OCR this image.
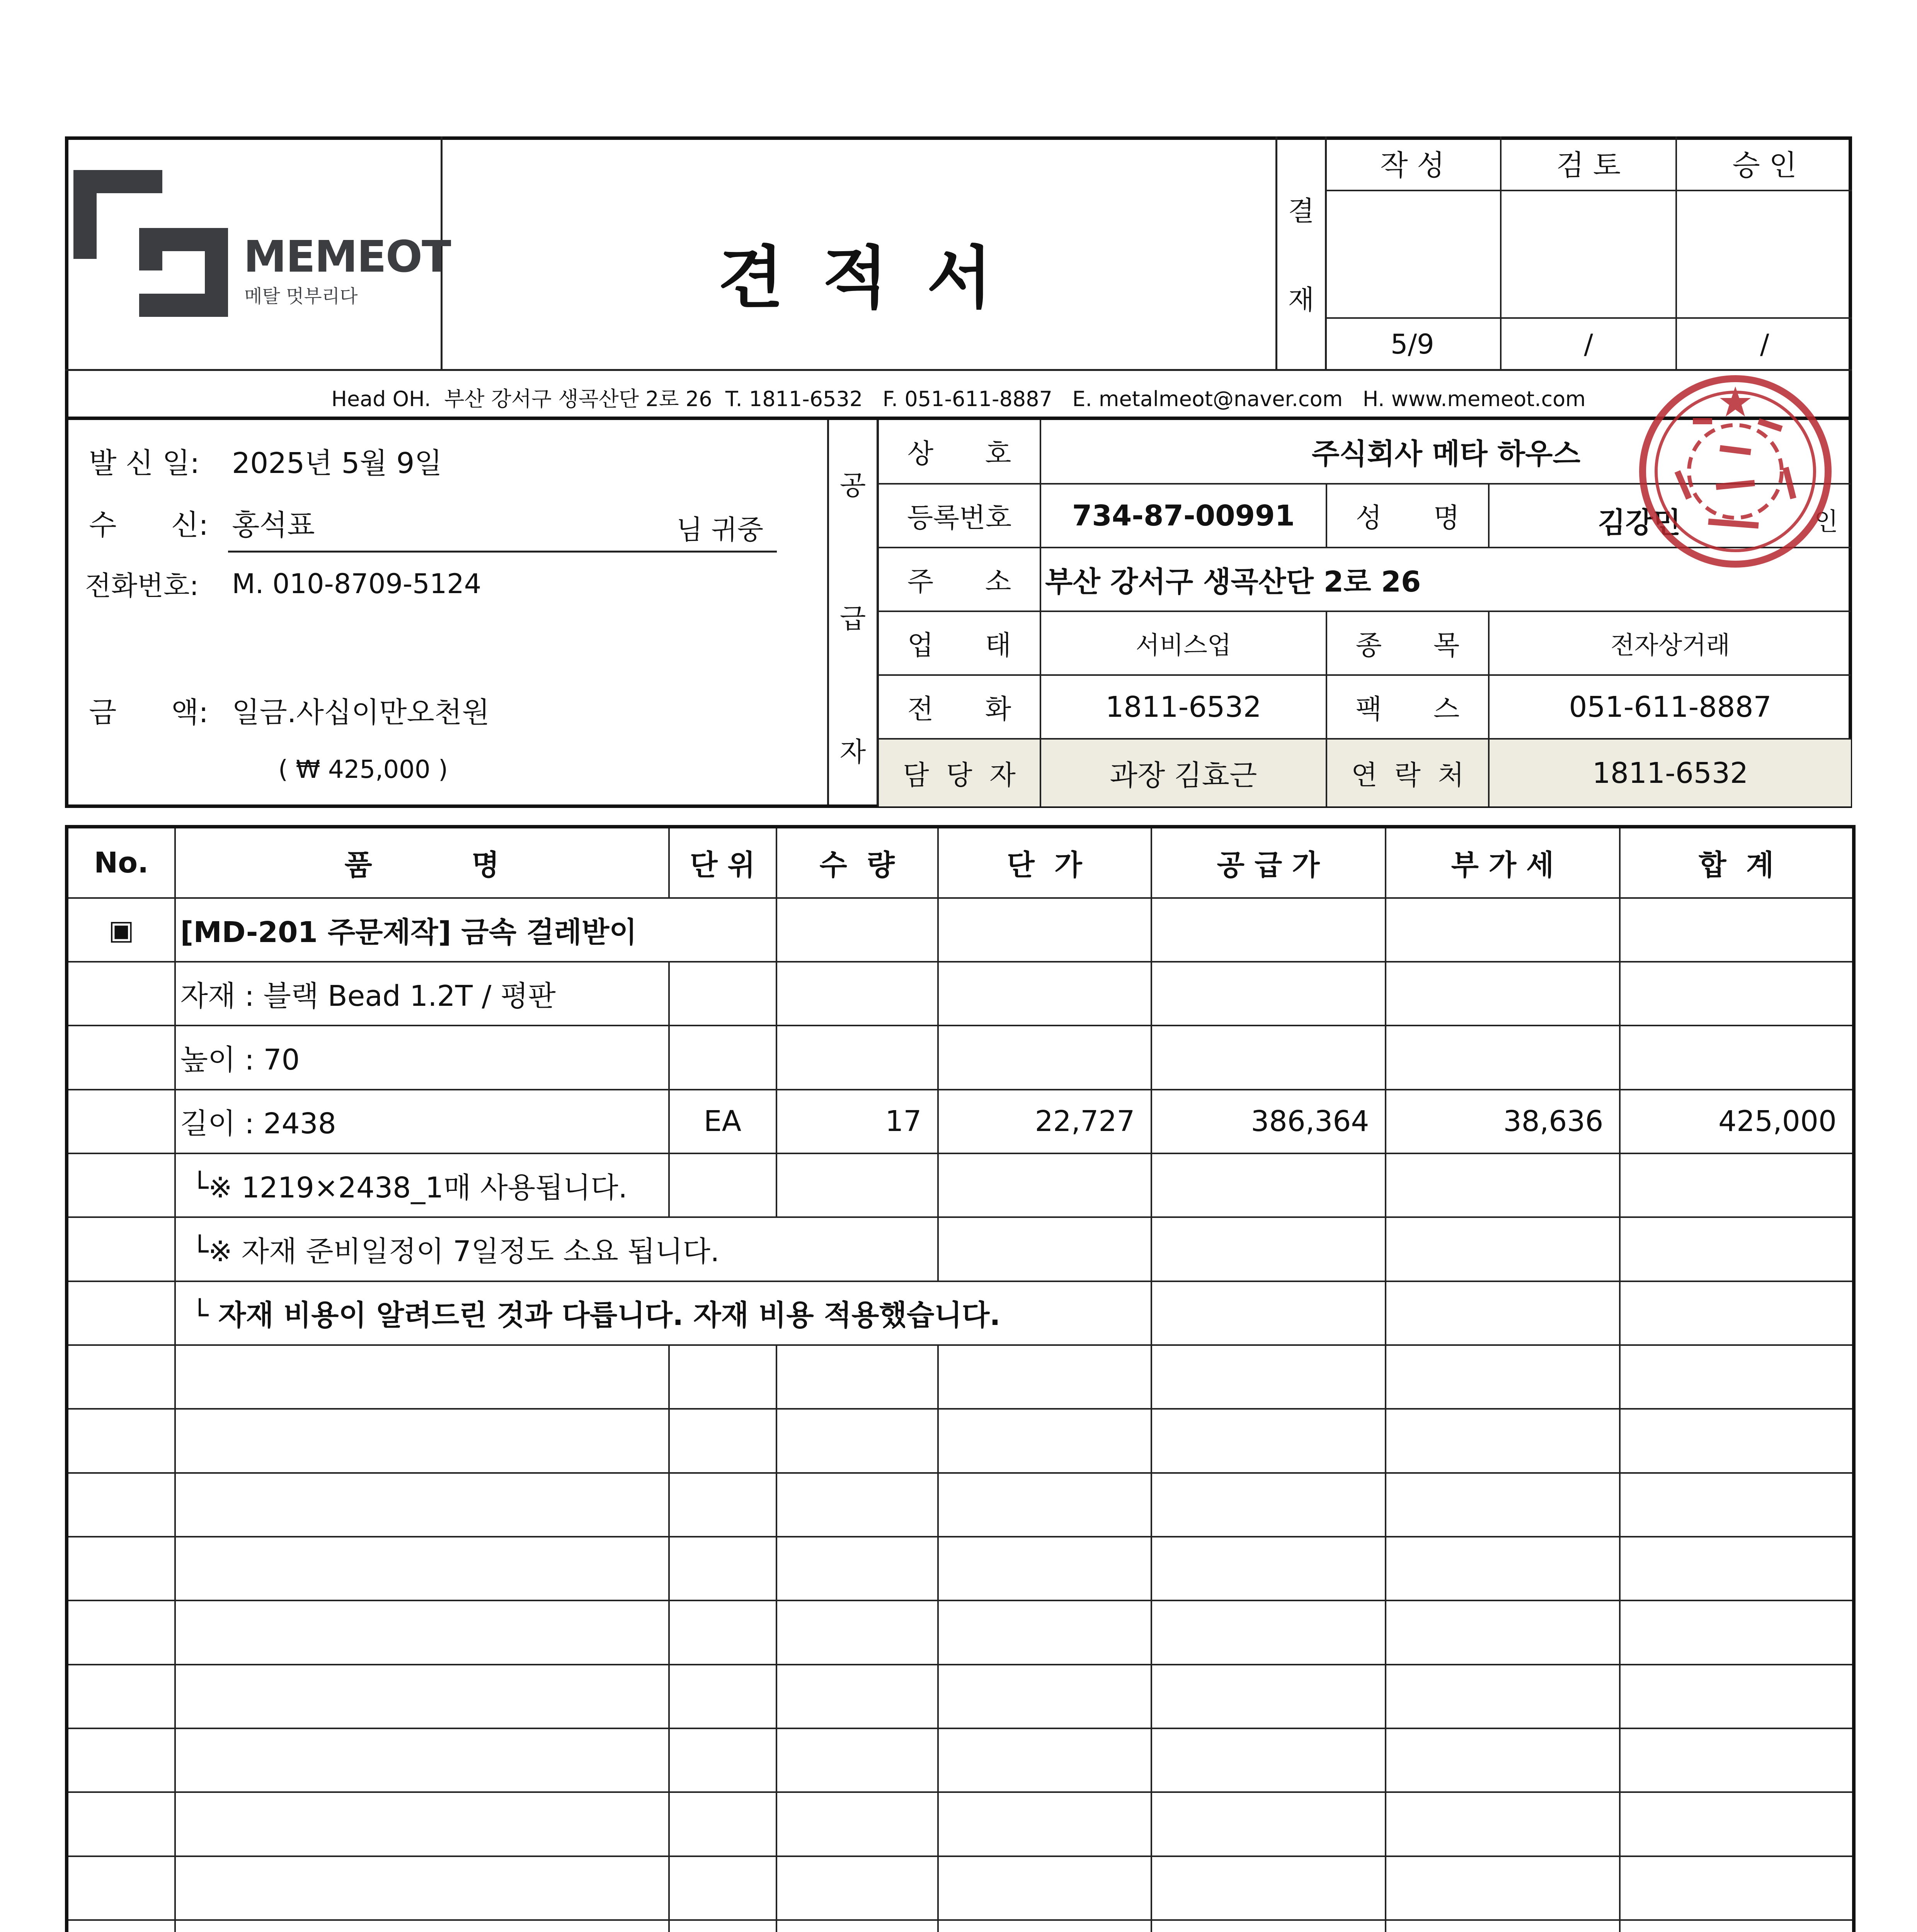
MEMEOT
메탈 멋부리다	견 적 서
결
재
작 성	검 토	승 인

5/9	/	/
Head OH.  부산 강서구 생곡산단 2로 26  T. 1811-6532   F. 051-611-8887   E. metalmeot@naver.com   H. www.memeot.com
발 신 일: 2025년 5월 9일
수      신: 홍석표	님 귀중
전화번호: M. 010-8709-5124
금      액: 일금.사십이만오천원
( ₩ 425,000 )
공
급
자
상      호	주식회사 메타 하우스		
등록번호	734-87-00991	성      명	김강민 인

주      소	부산 강서구 생곡산단 2로 26		
업      태	서비스업	종      목	전자상거래
전      화	1811-6532	팩      스	051-611-8887
담  당  자	과장 김효근	연  락  처	1811-6532
No.	품          명	단 위	수  량	단  가	공 급 가	부 가 세	합  계
▣	[MD-201 주문제작] 금속 걸레받이						
	자재 : 블랙 Bead 1.2T / 평판						
	높이 : 70						
	길이 : 2438	EA	17	22,727	386,364	38,636	425,000
	└※ 1219×2438_1매 사용됩니다.						
	└※ 자재 준비일정이 7일정도 소요 됩니다.						
	└ 자재 비용이 알려드린 것과 다릅니다. 자재 비용 적용했습니다.						
